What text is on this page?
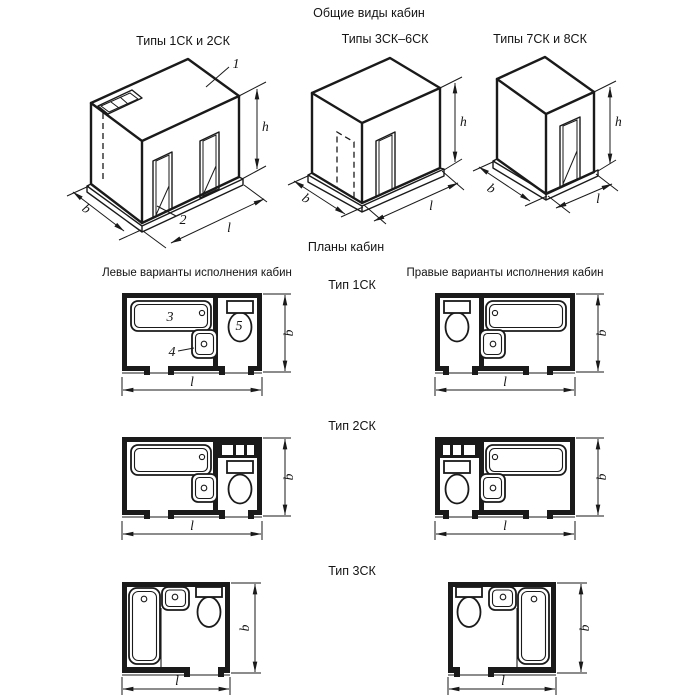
Общие виды кабин
Типы 1СК и 2СК	Типы 3СК–6СК	Типы 7СК и 8СК
Планы кабин
Левые варианты исполнения кабин	Правые варианты исполнения кабин
Тип 1СК
Тип 2СК
Тип 3СК
1
2
h
b
l
h
b	l
h
b
l
3
4
5	b
l
b
l
b
l
b
l
b
l
b
l
